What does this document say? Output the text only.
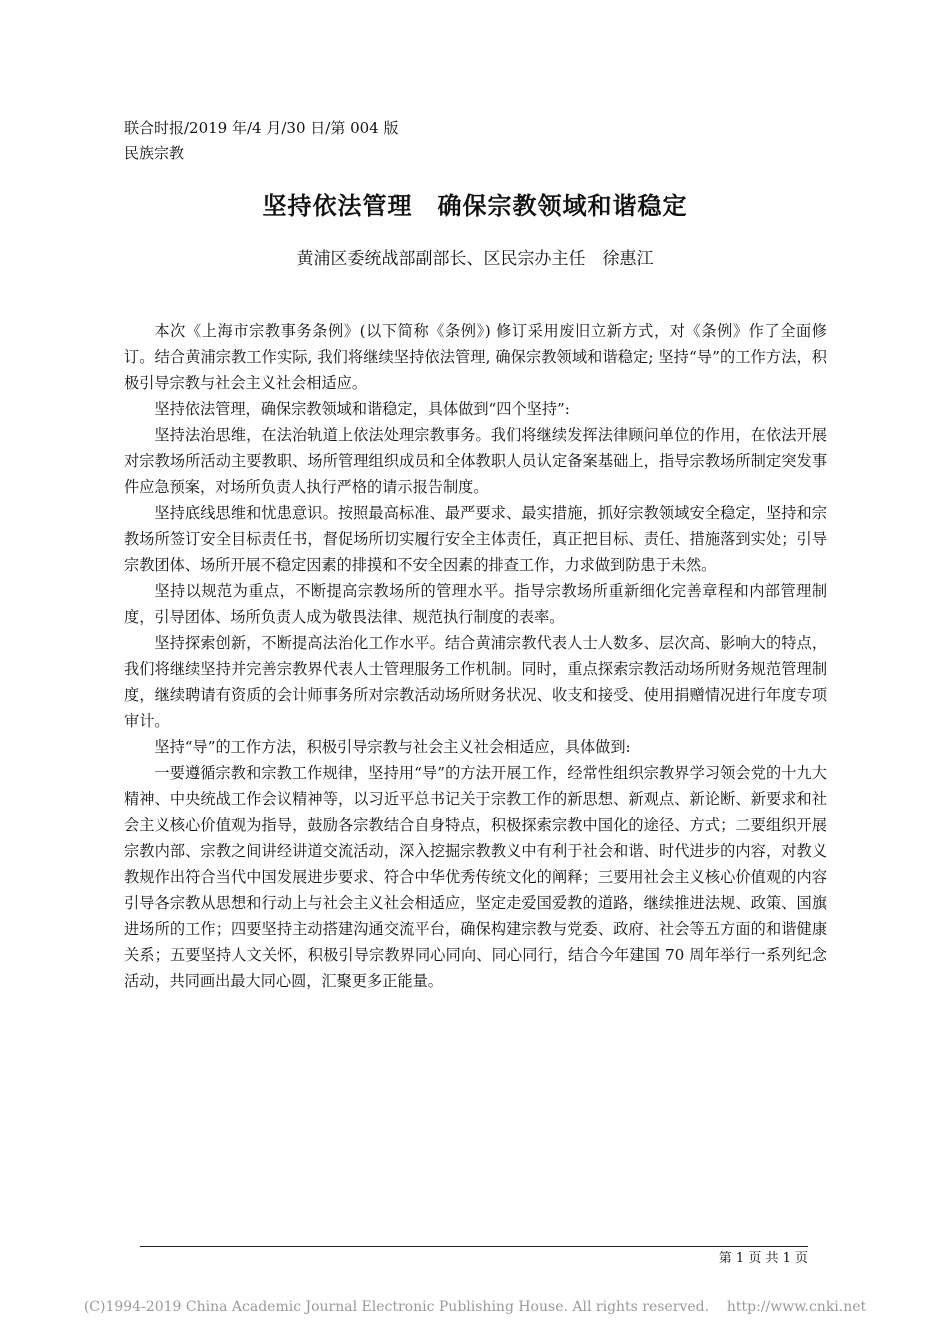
联合时报/2019 年/4 月/30 日/第 004 版
民族宗教
坚持依法管理　确保宗教领域和谐稳定
黄浦区委统战部副部长、区民宗办主任　徐惠江

本次《上海市宗教事务条例》(以下简称《条例》) 修订采用废旧立新方式，对《条例》作了全面修订。结合黄浦宗教工作实际, 我们将继续坚持依法管理, 确保宗教领域和谐稳定; 坚持“导”的工作方法，积极引导宗教与社会主义社会相适应。

坚持依法管理，确保宗教领域和谐稳定，具体做到“四个坚持”:

坚持法治思维，在法治轨道上依法处理宗教事务。我们将继续发挥法律顾问单位的作用，在依法开展对宗教场所活动主要教职、场所管理组织成员和全体教职人员认定备案基础上，指导宗教场所制定突发事件应急预案，对场所负责人执行严格的请示报告制度。

坚持底线思维和忧患意识。按照最高标准、最严要求、最实措施，抓好宗教领域安全稳定，坚持和宗教场所签订安全目标责任书，督促场所切实履行安全主体责任，真正把目标、责任、措施落到实处；引导宗教团体、场所开展不稳定因素的排摸和不安全因素的排查工作，力求做到防患于未然。

坚持以规范为重点，不断提高宗教场所的管理水平。指导宗教场所重新细化完善章程和内部管理制度，引导团体、场所负责人成为敬畏法律、规范执行制度的表率。

坚持探索创新，不断提高法治化工作水平。结合黄浦宗教代表人士人数多、层次高、影响大的特点，我们将继续坚持并完善宗教界代表人士管理服务工作机制。同时，重点探索宗教活动场所财务规范管理制度，继续聘请有资质的会计师事务所对宗教活动场所财务状况、收支和接受、使用捐赠情况进行年度专项审计。

坚持“导”的工作方法，积极引导宗教与社会主义社会相适应，具体做到:

一要遵循宗教和宗教工作规律，坚持用“导”的方法开展工作，经常性组织宗教界学习领会党的十九大精神、中央统战工作会议精神等，以习近平总书记关于宗教工作的新思想、新观点、新论断、新要求和社会主义核心价值观为指导，鼓励各宗教结合自身特点，积极探索宗教中国化的途径、方式；二要组织开展宗教内部、宗教之间讲经讲道交流活动，深入挖掘宗教教义中有利于社会和谐、时代进步的内容，对教义教规作出符合当代中国发展进步要求、符合中华优秀传统文化的阐释；三要用社会主义核心价值观的内容引导各宗教从思想和行动上与社会主义社会相适应，坚定走爱国爱教的道路，继续推进法规、政策、国旗进场所的工作；四要坚持主动搭建沟通交流平台，确保构建宗教与党委、政府、社会等五方面的和谐健康关系；五要坚持人文关怀，积极引导宗教界同心同向、同心同行，结合今年建国 70 周年举行一系列纪念活动，共同画出最大同心圆，汇聚更多正能量。

第 1 页 共 1 页
(C)1994-2019 China Academic Journal Electronic Publishing House. All rights reserved.    http://www.cnki.net
